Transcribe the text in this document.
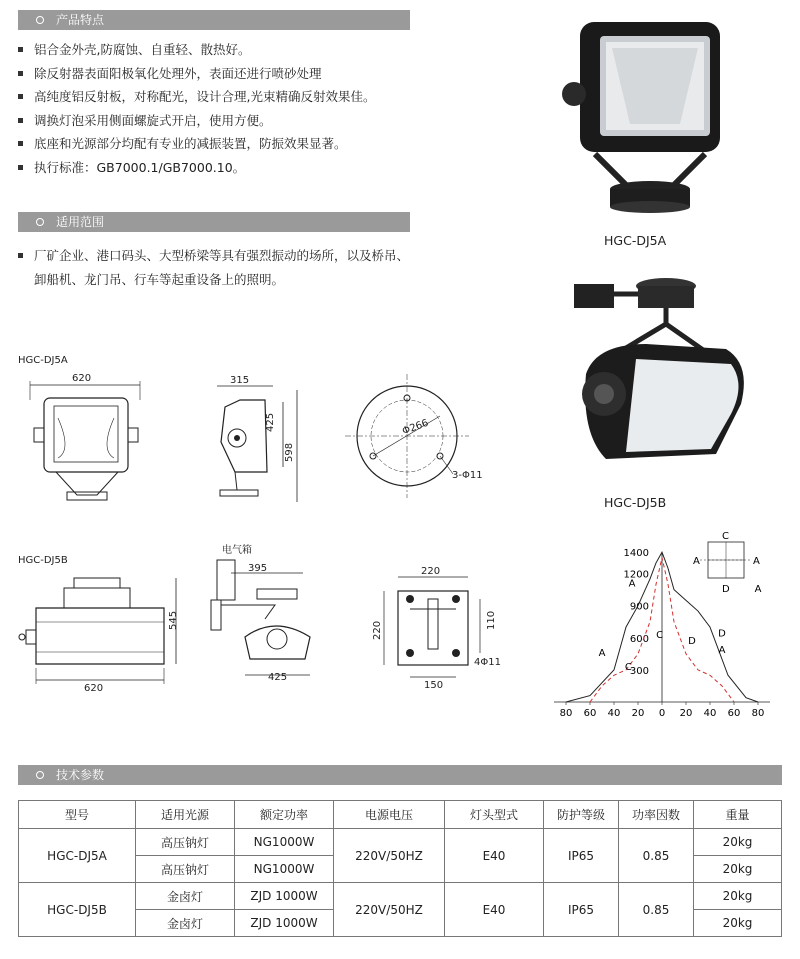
产品特点
铝合金外壳,防腐蚀、自重轻、散热好。
除反射器表面阳极氧化处理外，表面还进行喷砂处理
高纯度铝反射板，对称配光，设计合理,光束精确反射效果佳。
调换灯泡采用侧面螺旋式开启，使用方便。
底座和光源部分均配有专业的减振装置，防振效果显著。
执行标准：GB7000.1/GB7000.10。
适用范围
厂矿企业、港口码头、大型桥梁等具有强烈振动的场所，以及桥吊、卸船机、龙门吊、行车等起重设备上的照明。
HGC-DJ5A
HGC-DJ5B
HGC-DJ5A
620	315
425
598
Φ266
3-Φ11
HGC-DJ5B
545
620
电气箱
395
425
220
220
110
4Φ11
150
80 60 40 20 0 20 40 60 80
1400
1200
900
600
300
A
A
C
D
A
D
A
C
C
A	A
D
技术参数
型号	适用光源	额定功率	电源电压	灯头型式	防护等级	功率因数	重量
HGC-DJ5A	高压钠灯	NG1000W	220V/50HZ	E40	IP65	0.85	20kg
	高压钠灯	NG1000W					20kg
HGC-DJ5B	金卤灯	ZJD 1000W	220V/50HZ	E40	IP65	0.85	20kg
	金卤灯	ZJD 1000W					20kg
